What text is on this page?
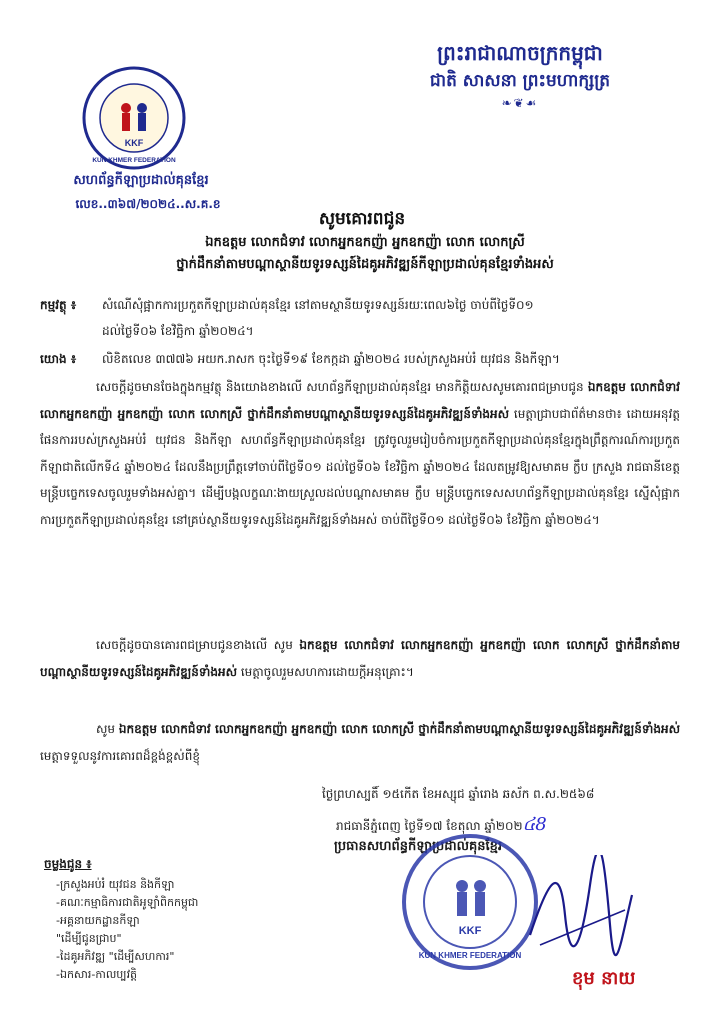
ព្រះរាជាណាចក្រកម្ពុជា
ជាតិ សាសនា ព្រះមហាក្សត្រ
❧❦☙
KKF
KUN KHMER FEDERATION
សហព័ន្ធកីឡាប្រដាល់គុនខ្មែរ
លេខ..៣៦៧/២០២៤..ស.គ.ខ
សូមគោរពជូន
ឯកឧត្តម លោកជំទាវ លោកអ្នកឧកញ៉ា អ្នកឧកញ៉ា លោក លោកស្រី
ថ្នាក់ដឹកនាំតាមបណ្តាស្ថានីយទូរទស្សន៍ដៃគូអភិវឌ្ឍន៍កីឡាប្រដាល់គុនខ្មែរទាំងអស់
កម្មវត្ថុ ៖ សំណើសុំផ្អាកការប្រកួតកីឡាប្រដាល់គុនខ្មែរ នៅតាមស្ថានីយទូរទស្សន៍រយៈពេល៦ថ្ងៃ ចាប់ពីថ្ងៃទី០១
ដល់ថ្ងៃទី០៦ ខែវិច្ឆិកា ឆ្នាំ២០២៤។
យោង ៖ លិខិតលេខ ៣៧៧៦ អយក.រាសក ចុះថ្ងៃទី១៩ ខែកក្កដា ឆ្នាំ២០២៤ របស់ក្រសួងអប់រំ យុវជន និងកីឡា។
សេចក្តីដូចមានចែងក្នុងកម្មវត្ថុ និងយោងខាងលើ សហព័ន្ធកីឡាប្រដាល់គុនខ្មែរ មានកិត្តិយសសូមគោរពជម្រាបជូន ឯកឧត្តម លោកជំទាវ លោកអ្នកឧកញ៉ា អ្នកឧកញ៉ា លោក លោកស្រី ថ្នាក់ដឹកនាំតាមបណ្តាស្ថានីយទូរទស្សន៍ដៃគូអភិវឌ្ឍន៍ទាំងអស់ មេត្តាជ្រាបជាព័ត៌មានថា៖ ដោយអនុវត្តផែនការរបស់ក្រសួងអប់រំ យុវជន និងកីឡា សហព័ន្ធកីឡាប្រដាល់គុនខ្មែរ ត្រូវចូលរួមរៀបចំការប្រកួតកីឡាប្រដាល់គុនខ្មែរក្នុងព្រឹត្តការណ៍ការប្រកួតកីឡាជាតិលើកទី៤ ឆ្នាំ២០២៤ ដែលនឹងប្រព្រឹត្តទៅចាប់ពីថ្ងៃទី០១ ដល់ថ្ងៃទី០៦ ខែវិច្ឆិកា ឆ្នាំ២០២៤ ដែលតម្រូវឱ្យសមាគម ក្លឹប ក្រសួង រាជធានីខេត្ត មន្ត្រីបច្ចេកទេសចូលរួមទាំងអស់គ្នា។ ដើម្បីបង្កលក្ខណៈងាយស្រួលដល់បណ្តាសមាគម ក្លឹប មន្ត្រីបច្ចេកទេសសហព័ន្ធកីឡាប្រដាល់គុនខ្មែរ ស្នើសុំផ្អាកការប្រកួតកីឡាប្រដាល់គុនខ្មែរ នៅគ្រប់ស្ថានីយទូរទស្សន៍ដៃគូអភិវឌ្ឍន៍ទាំងអស់ ចាប់ពីថ្ងៃទី០១ ដល់ថ្ងៃទី០៦ ខែវិច្ឆិកា ឆ្នាំ២០២៤។
សេចក្តីដូចបានគោរពជម្រាបជូនខាងលើ សូម ឯកឧត្តម លោកជំទាវ លោកអ្នកឧកញ៉ា អ្នកឧកញ៉ា លោក លោកស្រី ថ្នាក់ដឹកនាំតាមបណ្តាស្ថានីយទូរទស្សន៍ដៃគូអភិវឌ្ឍន៍ទាំងអស់ មេត្តាចូលរួមសហការដោយក្តីអនុគ្រោះ។
សូម ឯកឧត្តម លោកជំទាវ លោកអ្នកឧកញ៉ា អ្នកឧកញ៉ា លោក លោកស្រី ថ្នាក់ដឹកនាំតាមបណ្តាស្ថានីយទូរទស្សន៍ដៃគូអភិវឌ្ឍន៍ទាំងអស់ មេត្តាទទួលនូវការគោរពដ៏ខ្ពង់ខ្ពស់ពីខ្ញុំ
ថ្ងៃព្រហស្បតិ៍ ១៥កើត ខែអស្សុជ ឆ្នាំរោង ឆស័ក ព.ស.២៥៦៨
រាជធានីភ្នំពេញ ថ្ងៃទី១៧ ខែតុលា ឆ្នាំ២០២៤8
ប្រធានសហព័ន្ធកីឡាប្រដាល់គុនខ្មែរ
KKF
KUN KHMER FEDERATION
ខុម នាយ
ចម្លងជូន ៖
-ក្រសួងអប់រំ យុវជន និងកីឡា
-គណៈកម្មាធិការជាតិអូឡាំពិកកម្ពុជា
-អគ្គនាយកដ្ឋានកីឡា
"ដើម្បីជូនជ្រាប"
-ដៃគូអភិវឌ្ឍ "ដើម្បីសហការ"
-ឯកសារ-កាលប្បវត្តិ
